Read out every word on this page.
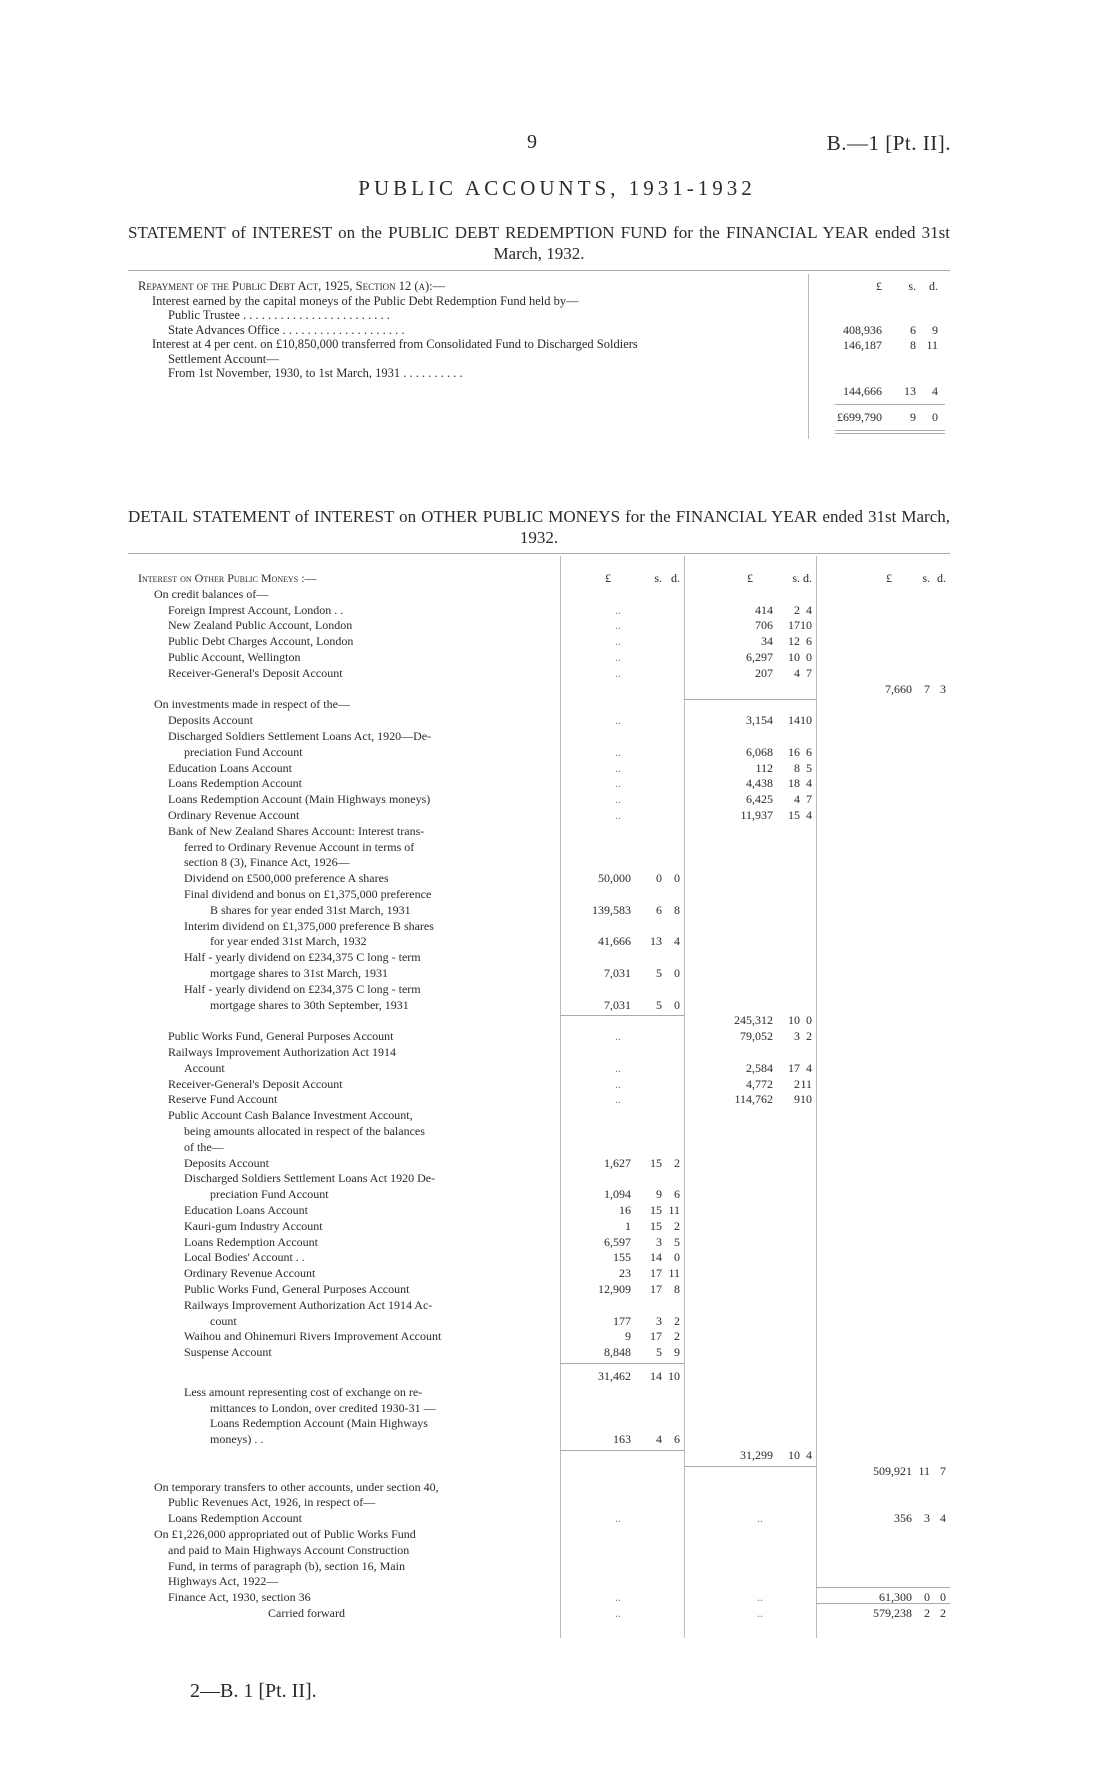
9	B.—1 [Pt. II].
PUBLIC ACCOUNTS, 1931-1932
STATEMENT of INTEREST on the PUBLIC DEBT REDEMPTION FUND for the FINANCIAL YEAR ended 31st March, 1932.
£	s.	d.
Repayment of the Public Debt Act, 1925, Section 12 (a):—
Interest earned by the capital moneys of the Public Debt Redemption Fund held by—
Public Trustee . . . . . . . . . . . . . . . . . . . . . . . .
408,936	6	9
State Advances Office . . . . . . . . . . . . . . . . . . . .
146,187	8 11
Interest at 4 per cent. on £10,850,000 transferred from Consolidated Fund to Discharged Soldiers
Settlement Account—
From 1st November, 1930, to 1st March, 1931 . . . . . . . . . .
144,666	13	4
£699,790	9	0
DETAIL STATEMENT of INTEREST on OTHER PUBLIC MONEYS for the FINANCIAL YEAR ended 31st March, 1932.
£	s. d.	£	s. d.	£	s. d.
Interest on Other Public Moneys :—
On credit balances of—
Foreign Imprest Account, London . .	..	414	2 4
New Zealand Public Account, London	..	706	17 10
Public Debt Charges Account, London	..	34	12 6
Public Account, Wellington	..	6,297	10 0
Receiver-General's Deposit Account	..	207	4 7
7,660	7 3
On investments made in respect of the—
Deposits Account	..	3,154	14 10
Discharged Soldiers Settlement Loans Act, 1920—De-
preciation Fund Account	..	6,068	16 6
Education Loans Account	..	112	8 5
Loans Redemption Account	..	4,438	18 4
Loans Redemption Account (Main Highways moneys)	..	6,425	4 7
Ordinary Revenue Account	..	11,937	15 4
Bank of New Zealand Shares Account: Interest trans-
ferred to Ordinary Revenue Account in terms of
section 8 (3), Finance Act, 1926—
Dividend on £500,000 preference A shares	50,000	0	0
Final dividend and bonus on £1,375,000 preference
B shares for year ended 31st March, 1931	139,583	6	8
Interim dividend on £1,375,000 preference B shares
for year ended 31st March, 1932	41,666	13	4
Half - yearly dividend on £234,375 C long - term
mortgage shares to 31st March, 1931	7,031	5	0
Half - yearly dividend on £234,375 C long - term
mortgage shares to 30th September, 1931	7,031	5	0
245,312	10 0
Public Works Fund, General Purposes Account	..	79,052	3 2
Railways Improvement Authorization Act 1914
Account	..	2,584	17 4
Receiver-General's Deposit Account	..	4,772	2 11
Reserve Fund Account	..	114,762	9 10
Public Account Cash Balance Investment Account,
being amounts allocated in respect of the balances
of the—
Deposits Account	1,627	15	2
Discharged Soldiers Settlement Loans Act 1920 De-
preciation Fund Account	1,094	9	6
Education Loans Account	16	15 11
Kauri-gum Industry Account	1	15	2
Loans Redemption Account	6,597	3	5
Local Bodies' Account . .	155	14	0
Ordinary Revenue Account	23	17 11
Public Works Fund, General Purposes Account	12,909	17	8
Railways Improvement Authorization Act 1914 Ac-
count	177	3	2
Waihou and Ohinemuri Rivers Improvement Account	9	17	2
Suspense Account	8,848	5	9
31,462	14 10
Less amount representing cost of exchange on re-
mittances to London, over credited 1930-31 —
Loans Redemption Account (Main Highways
moneys) . .	163	4	6
31,299	10 4
509,921 11 7
On temporary transfers to other accounts, under section 40,
Public Revenues Act, 1926, in respect of—
Loans Redemption Account	..	..	356	3 4
On £1,226,000 appropriated out of Public Works Fund
and paid to Main Highways Account Construction
Fund, in terms of paragraph (b), section 16, Main
Highways Act, 1922—
Finance Act, 1930, section 36	..	..	61,300	0 0
Carried forward	..	..	579,238	2 2
2—B. 1 [Pt. II].
